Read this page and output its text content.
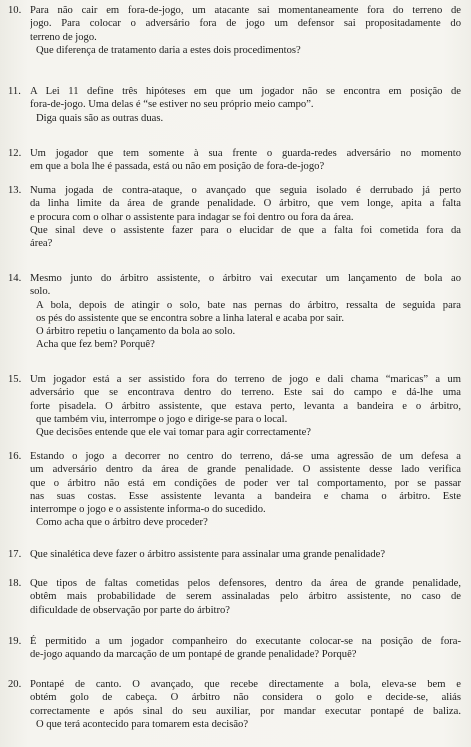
10. Para não cair em fora-de-jogo, um atacante sai momentaneamente fora do terreno de
jogo. Para colocar o adversário fora de jogo um defensor sai propositadamente do
terreno de jogo.
Que diferença de tratamento daria a estes dois procedimentos?
11. A Lei 11 define três hipóteses em que um jogador não se encontra em posição de
fora-de-jogo. Uma delas é “se estiver no seu próprio meio campo”.
Diga quais são as outras duas.
12. Um jogador que tem somente à sua frente o guarda-redes adversário no momento
em que a bola lhe é passada, está ou não em posição de fora-de-jogo?
13. Numa jogada de contra-ataque, o avançado que seguia isolado é derrubado já perto
da linha limite da área de grande penalidade. O árbitro, que vem longe, apita a falta
e procura com o olhar o assistente para indagar se foi dentro ou fora da área.
Que sinal deve o assistente fazer para o elucidar de que a falta foi cometida fora da
área?
14. Mesmo junto do árbitro assistente, o árbitro vai executar um lançamento de bola ao
solo.
A bola, depois de atingir o solo, bate nas pernas do árbitro, ressalta de seguida para
os pés do assistente que se encontra sobre a linha lateral e acaba por sair.
O árbitro repetiu o lançamento da bola ao solo.
Acha que fez bem? Porquê?
15. Um jogador está a ser assistido fora do terreno de jogo e dali chama “maricas” a um
adversário que se encontrava dentro do terreno. Este sai do campo e dá-lhe uma
forte pisadela. O árbitro assistente, que estava perto, levanta a bandeira e o árbitro,
que também viu, interrompe o jogo e dirige-se para o local.
Que decisões entende que ele vai tomar para agir correctamente?
16. Estando o jogo a decorrer no centro do terreno, dá-se uma agressão de um defesa a
um adversário dentro da área de grande penalidade. O assistente desse lado verifica
que o árbitro não está em condições de poder ver tal comportamento, por se passar
nas suas costas. Esse assistente levanta a bandeira e chama o árbitro. Este
interrompe o jogo e o assistente informa-o do sucedido.
Como acha que o árbitro deve proceder?
17. Que sinalética deve fazer o árbitro assistente para assinalar uma grande penalidade?
18. Que tipos de faltas cometidas pelos defensores, dentro da área de grande penalidade,
obtêm mais probabilidade de serem assinaladas pelo árbitro assistente, no caso de
dificuldade de observação por parte do árbitro?
19. É permitido a um jogador companheiro do executante colocar-se na posição de fora-
de-jogo aquando da marcação de um pontapé de grande penalidade? Porquê?
20. Pontapé de canto. O avançado, que recebe directamente a bola, eleva-se bem e
obtém golo de cabeça. O árbitro não considera o golo e decide-se, aliás
correctamente e após sinal do seu auxiliar, por mandar executar pontapé de baliza.
O que terá acontecido para tomarem esta decisão?
